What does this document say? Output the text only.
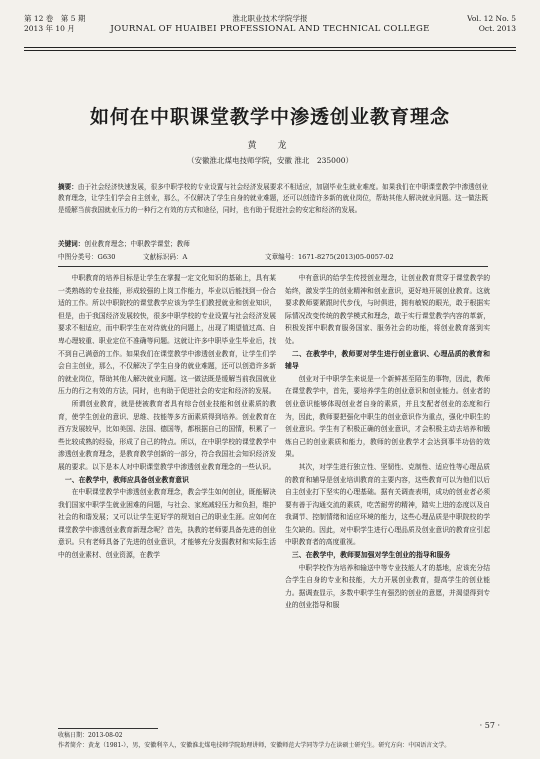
第 12 卷　第 5 期
2013 年 10 月
淮北职业技术学院学报
JOURNAL OF HUAIBEI PROFESSIONAL AND TECHNICAL COLLEGE
Vol. 12 No. 5
Oct. 2013
如何在中职课堂教学中渗透创业教育理念
黄　龙
（安徽淮北煤电技师学院，安徽 淮北　235000）
摘要：由于社会经济快速发展，很多中职学校的专业设置与社会经济发展要求不相适应，加剧毕业生就业难度。如果我们在中职课堂教学中渗透创业教育理念，让学生们学会自主创业，那么，不仅解决了学生自身的就业难题，还可以创造许多新的就业岗位，帮助其他人解决就业问题。这一做法既是缓解当前我国就业压力的一种行之有效的方式和途径，同时，也有助于促进社会的安定和经济的发展。
关键词：创业教育理念；中职教学课堂；教师
中图分类号：G630	文献标识码：A	文章编号：1671-8275(2013)05-0057-02

中职教育的培养目标是让学生在掌握一定文化知识的基础上，具有某一类熟练的专业技能，形成较强的上岗工作能力，毕业以后能找到一份合适的工作。所以中职院校的课堂教学应该为学生们教授就业和创业知识，但是，由于我国经济发展较快，很多中职学校的专业设置与社会经济发展要求不相适应，而中职学生在对待就业的问题上，出现了期望值过高、自卑心理较重、职业定位不准确等问题。这就让许多中职毕业生毕业后，找不到自己满意的工作。如果我们在课堂教学中渗透创业教育，让学生们学会自主创业，那么，不仅解决了学生自身的就业难题，还可以创造许多新的就业岗位，帮助其他人解决就业问题。这一做法既是缓解当前我国就业压力的行之有效的方法，同时，也有助于促进社会的安定和经济的发展。

所谓创业教育，就是使被教育者具有综合创业技能和创业素质的教育，使学生创业的意识、思维、技能等多方面素质得到培养。创业教育在西方发展较早，比如美国、法国、德国等，都根据自己的国情，积累了一些比较成熟的经验，形成了自己的特点。所以，在中职学校的课堂教学中渗透创业教育理念，是教育教学创新的一部分，符合我国社会知识经济发展的要求。以下是本人对中职课堂教学中渗透创业教育理念的一些认识。

一、在教学中，教师应具备创业教育意识

在中职课堂教学中渗透创业教育理念，教会学生如何创业，既能解决我们国家中职学生就业困难的问题，与社会、家庭减轻压力和负担，维护社会的和谐发展；又可以让学生更好学的规划自己的职业生涯。应如何在课堂教学中渗透创业教育新理念呢？首先，执教的老师要具备先进的创业意识。只有老师具备了先进的创业意识，才能够充分发掘教材和实际生活中的创业素材、创业资源，在教学

中有意识的给学生传授创业理念，让创业教育贯穿于课堂教学的始终，激发学生的创业精神和创业意识，更好地开展创业教育。这就要求教师要紧跟时代步伐，与时俱进，拥有敏锐的眼光，敢于根据实际情况改变传统的教学模式和理念，敢于实行课堂教学内容的革新，积极发挥中职教育服务国家、服务社会的功能，将创业教育落到实处。

二、在教学中，教师要对学生进行创业意识、心理品质的教育和辅导

创业对于中职学生来说是一个新鲜甚至陌生的事物，因此，教师在课堂教学中，首先，要培养学生的创业意识和创业能力。创业者的创业意识能够体现创业者自身的素质，并且支配者创业的态度和行为，因此，教师要把强化中职生的创业意识作为重点，强化中职生的创业意识。学生有了积极正确的创业意识，才会积极主动去培养和锻炼自己的创业素质和能力，教师的创业教学才会达到事半功倍的效果。

其次，对学生进行独立性、坚韧性、克制性、适应性等心理品质的教育和辅导是创业培训教育的主要内容，这些教育可以为他们以后自主创业打下坚实的心理基础。据有关调查表明，成功的创业者必须要有善于沟通交流的素质，吃苦耐劳的精神，踏实上进的态度以及自我调节、控制情绪和适应环境的能力，这些心理品质是中职院校的学生欠缺的。因此，对中职学生进行心理品质及创业意识的教育应引起中职教育者的高度重视。

三、在教学中，教师要加强对学生创业的指导和服务

中职学校作为培养和输送中等专业技能人才的基地，应该充分结合学生自身的专业和技能，大力开展创业教育，提高学生的创业能力。据调查显示，多数中职学生有强烈的创业的意愿，并渴望得到专业的创业指导和服

· 57 ·
收稿日期：2013-08-02
作者简介：黄龙（1981-），男，安徽利辛人，安徽淮北煤电技师学院助理讲师，安徽师范大学同等学力在读硕士研究生。研究方向：中国语言文学。
